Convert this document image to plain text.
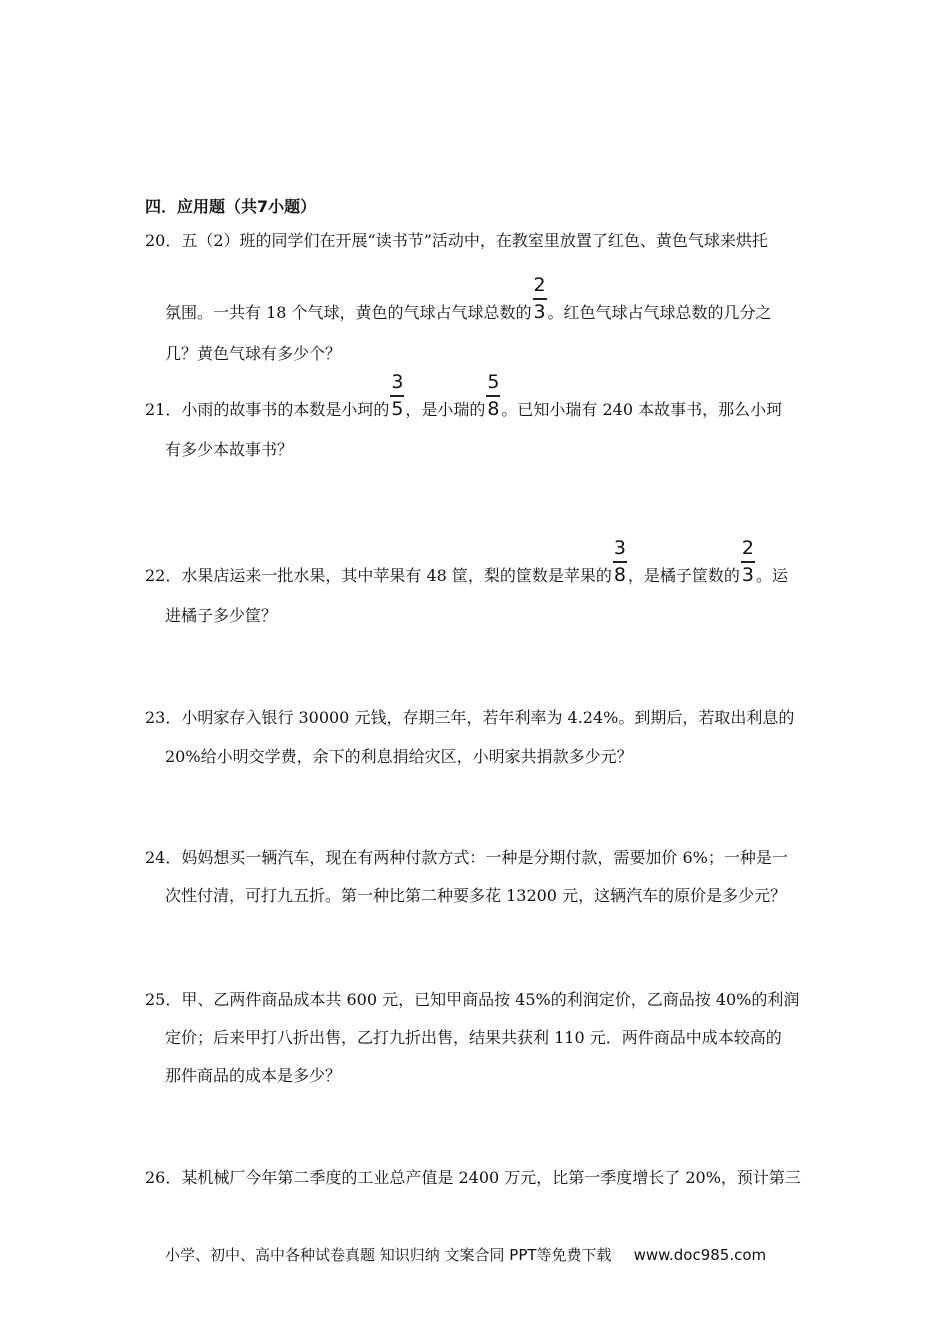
四．应用题（共7小题）
20．五（2）班的同学们在开展“读书节”活动中，在教室里放置了红色、黄色气球来烘托
氛围。一共有 18 个气球，黄色的气球占气球总数的 $\frac{2}{3}$ 。红色气球占气球总数的几分之
几？黄色气球有多少个？
21．小雨的故事书的本数是小珂的 $\frac{3}{5}$ ，是小瑞的 $\frac{5}{8}$ 。已知小瑞有 240 本故事书，那么小珂
有多少本故事书？
22．水果店运来一批水果，其中苹果有 48 筐，梨的筐数是苹果的 $\frac{3}{8}$ ，是橘子筐数的 $\frac{2}{3}$ 。运
进橘子多少筐？
23．小明家存入银行 30000 元钱，存期三年，若年利率为 4.24%。到期后，若取出利息的
20%给小明交学费，余下的利息捐给灾区，小明家共捐款多少元？
24．妈妈想买一辆汽车，现在有两种付款方式：一种是分期付款，需要加价 6%；一种是一
次性付清，可打九五折。第一种比第二种要多花 13200 元，这辆汽车的原价是多少元？
25．甲、乙两件商品成本共 600 元，已知甲商品按 45%的利润定价，乙商品按 40%的利润
定价；后来甲打八折出售，乙打九折出售，结果共获利 110 元．两件商品中成本较高的
那件商品的成本是多少？
26．某机械厂今年第二季度的工业总产值是 2400 万元，比第一季度增长了 20%，预计第三
小学、初中、高中各种试卷真题 知识归纳 文案合同 PPT等免费下载 www.doc985.com
